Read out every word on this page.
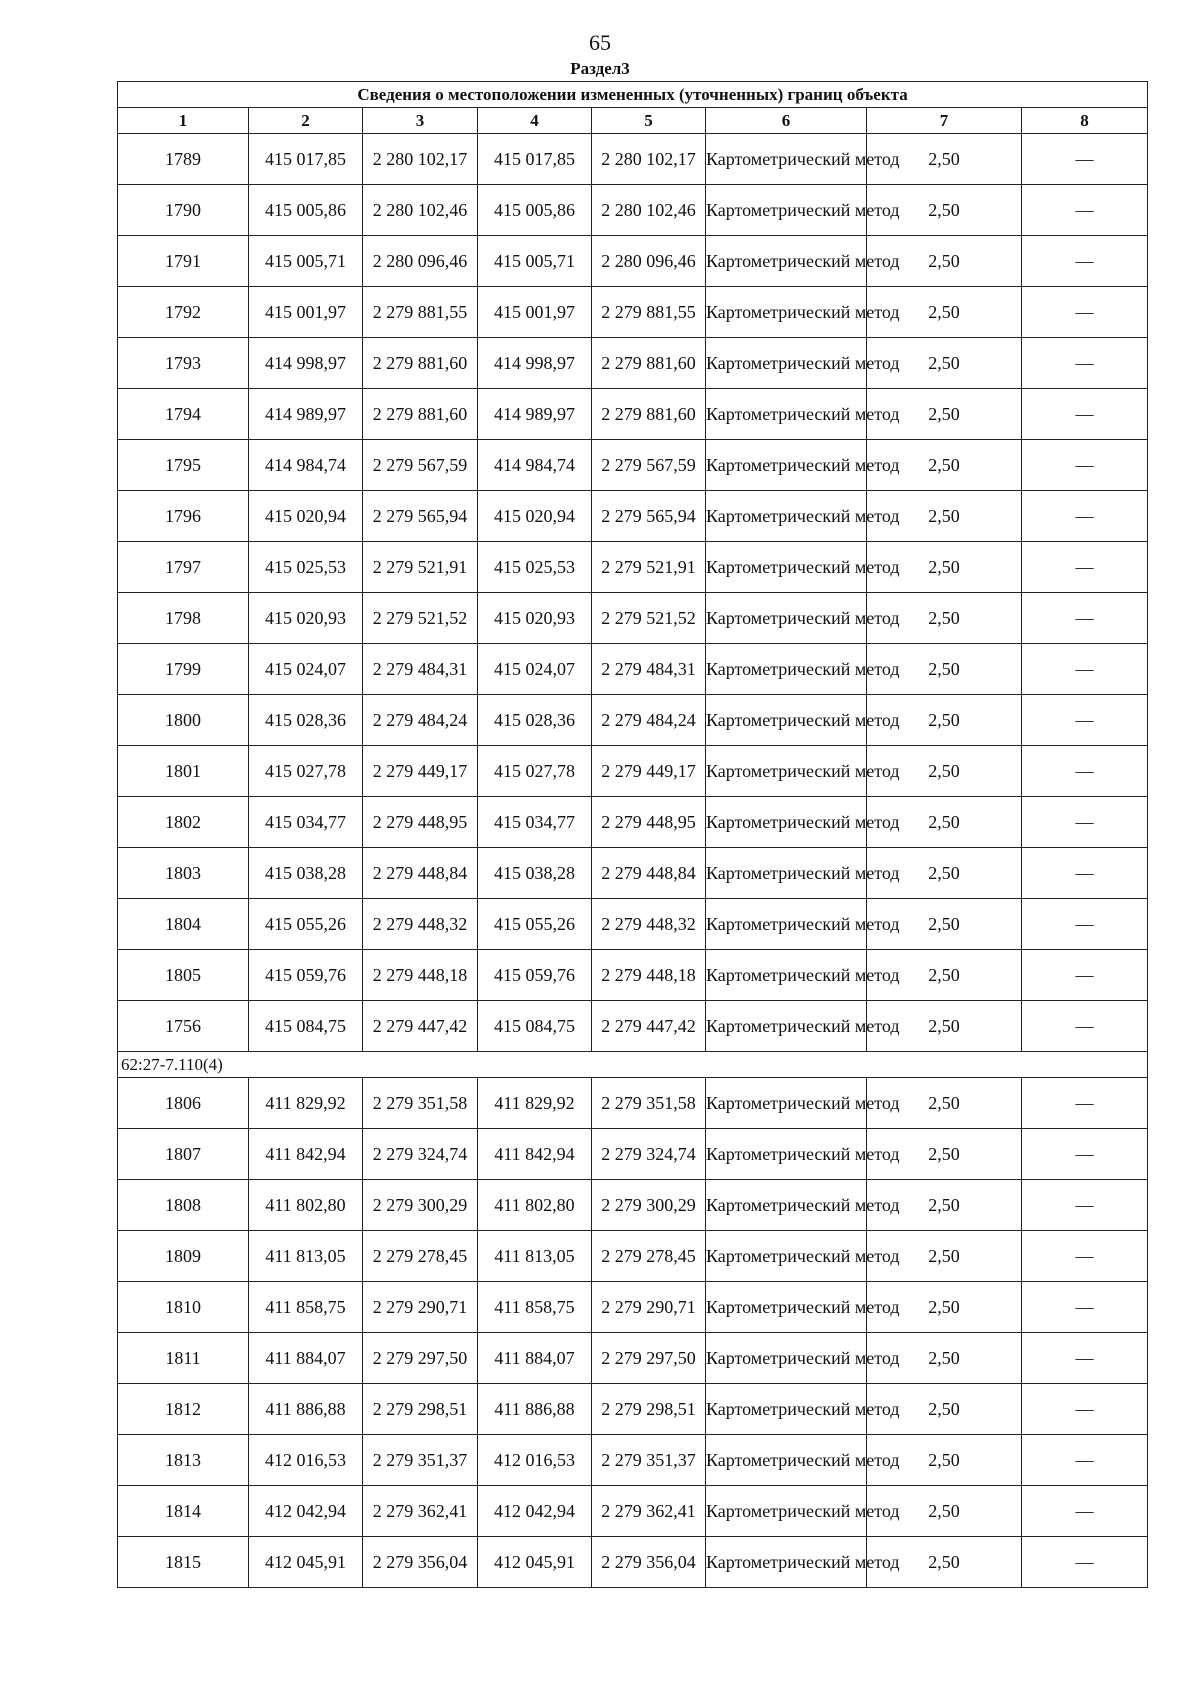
65
Раздел3
Сведения о местоположении измененных (уточненных) границ объекта							
1	2	3	4	5	6	7	8
1789	415 017,85	2 280 102,17	415 017,85	2 280 102,17	Картометрический метод	2,50	—
1790	415 005,86	2 280 102,46	415 005,86	2 280 102,46	Картометрический метод	2,50	—
1791	415 005,71	2 280 096,46	415 005,71	2 280 096,46	Картометрический метод	2,50	—
1792	415 001,97	2 279 881,55	415 001,97	2 279 881,55	Картометрический метод	2,50	—
1793	414 998,97	2 279 881,60	414 998,97	2 279 881,60	Картометрический метод	2,50	—
1794	414 989,97	2 279 881,60	414 989,97	2 279 881,60	Картометрический метод	2,50	—
1795	414 984,74	2 279 567,59	414 984,74	2 279 567,59	Картометрический метод	2,50	—
1796	415 020,94	2 279 565,94	415 020,94	2 279 565,94	Картометрический метод	2,50	—
1797	415 025,53	2 279 521,91	415 025,53	2 279 521,91	Картометрический метод	2,50	—
1798	415 020,93	2 279 521,52	415 020,93	2 279 521,52	Картометрический метод	2,50	—
1799	415 024,07	2 279 484,31	415 024,07	2 279 484,31	Картометрический метод	2,50	—
1800	415 028,36	2 279 484,24	415 028,36	2 279 484,24	Картометрический метод	2,50	—
1801	415 027,78	2 279 449,17	415 027,78	2 279 449,17	Картометрический метод	2,50	—
1802	415 034,77	2 279 448,95	415 034,77	2 279 448,95	Картометрический метод	2,50	—
1803	415 038,28	2 279 448,84	415 038,28	2 279 448,84	Картометрический метод	2,50	—
1804	415 055,26	2 279 448,32	415 055,26	2 279 448,32	Картометрический метод	2,50	—
1805	415 059,76	2 279 448,18	415 059,76	2 279 448,18	Картометрический метод	2,50	—
1756	415 084,75	2 279 447,42	415 084,75	2 279 447,42	Картометрический метод	2,50	—
62:27-7.110(4)							
1806	411 829,92	2 279 351,58	411 829,92	2 279 351,58	Картометрический метод	2,50	—
1807	411 842,94	2 279 324,74	411 842,94	2 279 324,74	Картометрический метод	2,50	—
1808	411 802,80	2 279 300,29	411 802,80	2 279 300,29	Картометрический метод	2,50	—
1809	411 813,05	2 279 278,45	411 813,05	2 279 278,45	Картометрический метод	2,50	—
1810	411 858,75	2 279 290,71	411 858,75	2 279 290,71	Картометрический метод	2,50	—
1811	411 884,07	2 279 297,50	411 884,07	2 279 297,50	Картометрический метод	2,50	—
1812	411 886,88	2 279 298,51	411 886,88	2 279 298,51	Картометрический метод	2,50	—
1813	412 016,53	2 279 351,37	412 016,53	2 279 351,37	Картометрический метод	2,50	—
1814	412 042,94	2 279 362,41	412 042,94	2 279 362,41	Картометрический метод	2,50	—
1815	412 045,91	2 279 356,04	412 045,91	2 279 356,04	Картометрический метод	2,50	—
